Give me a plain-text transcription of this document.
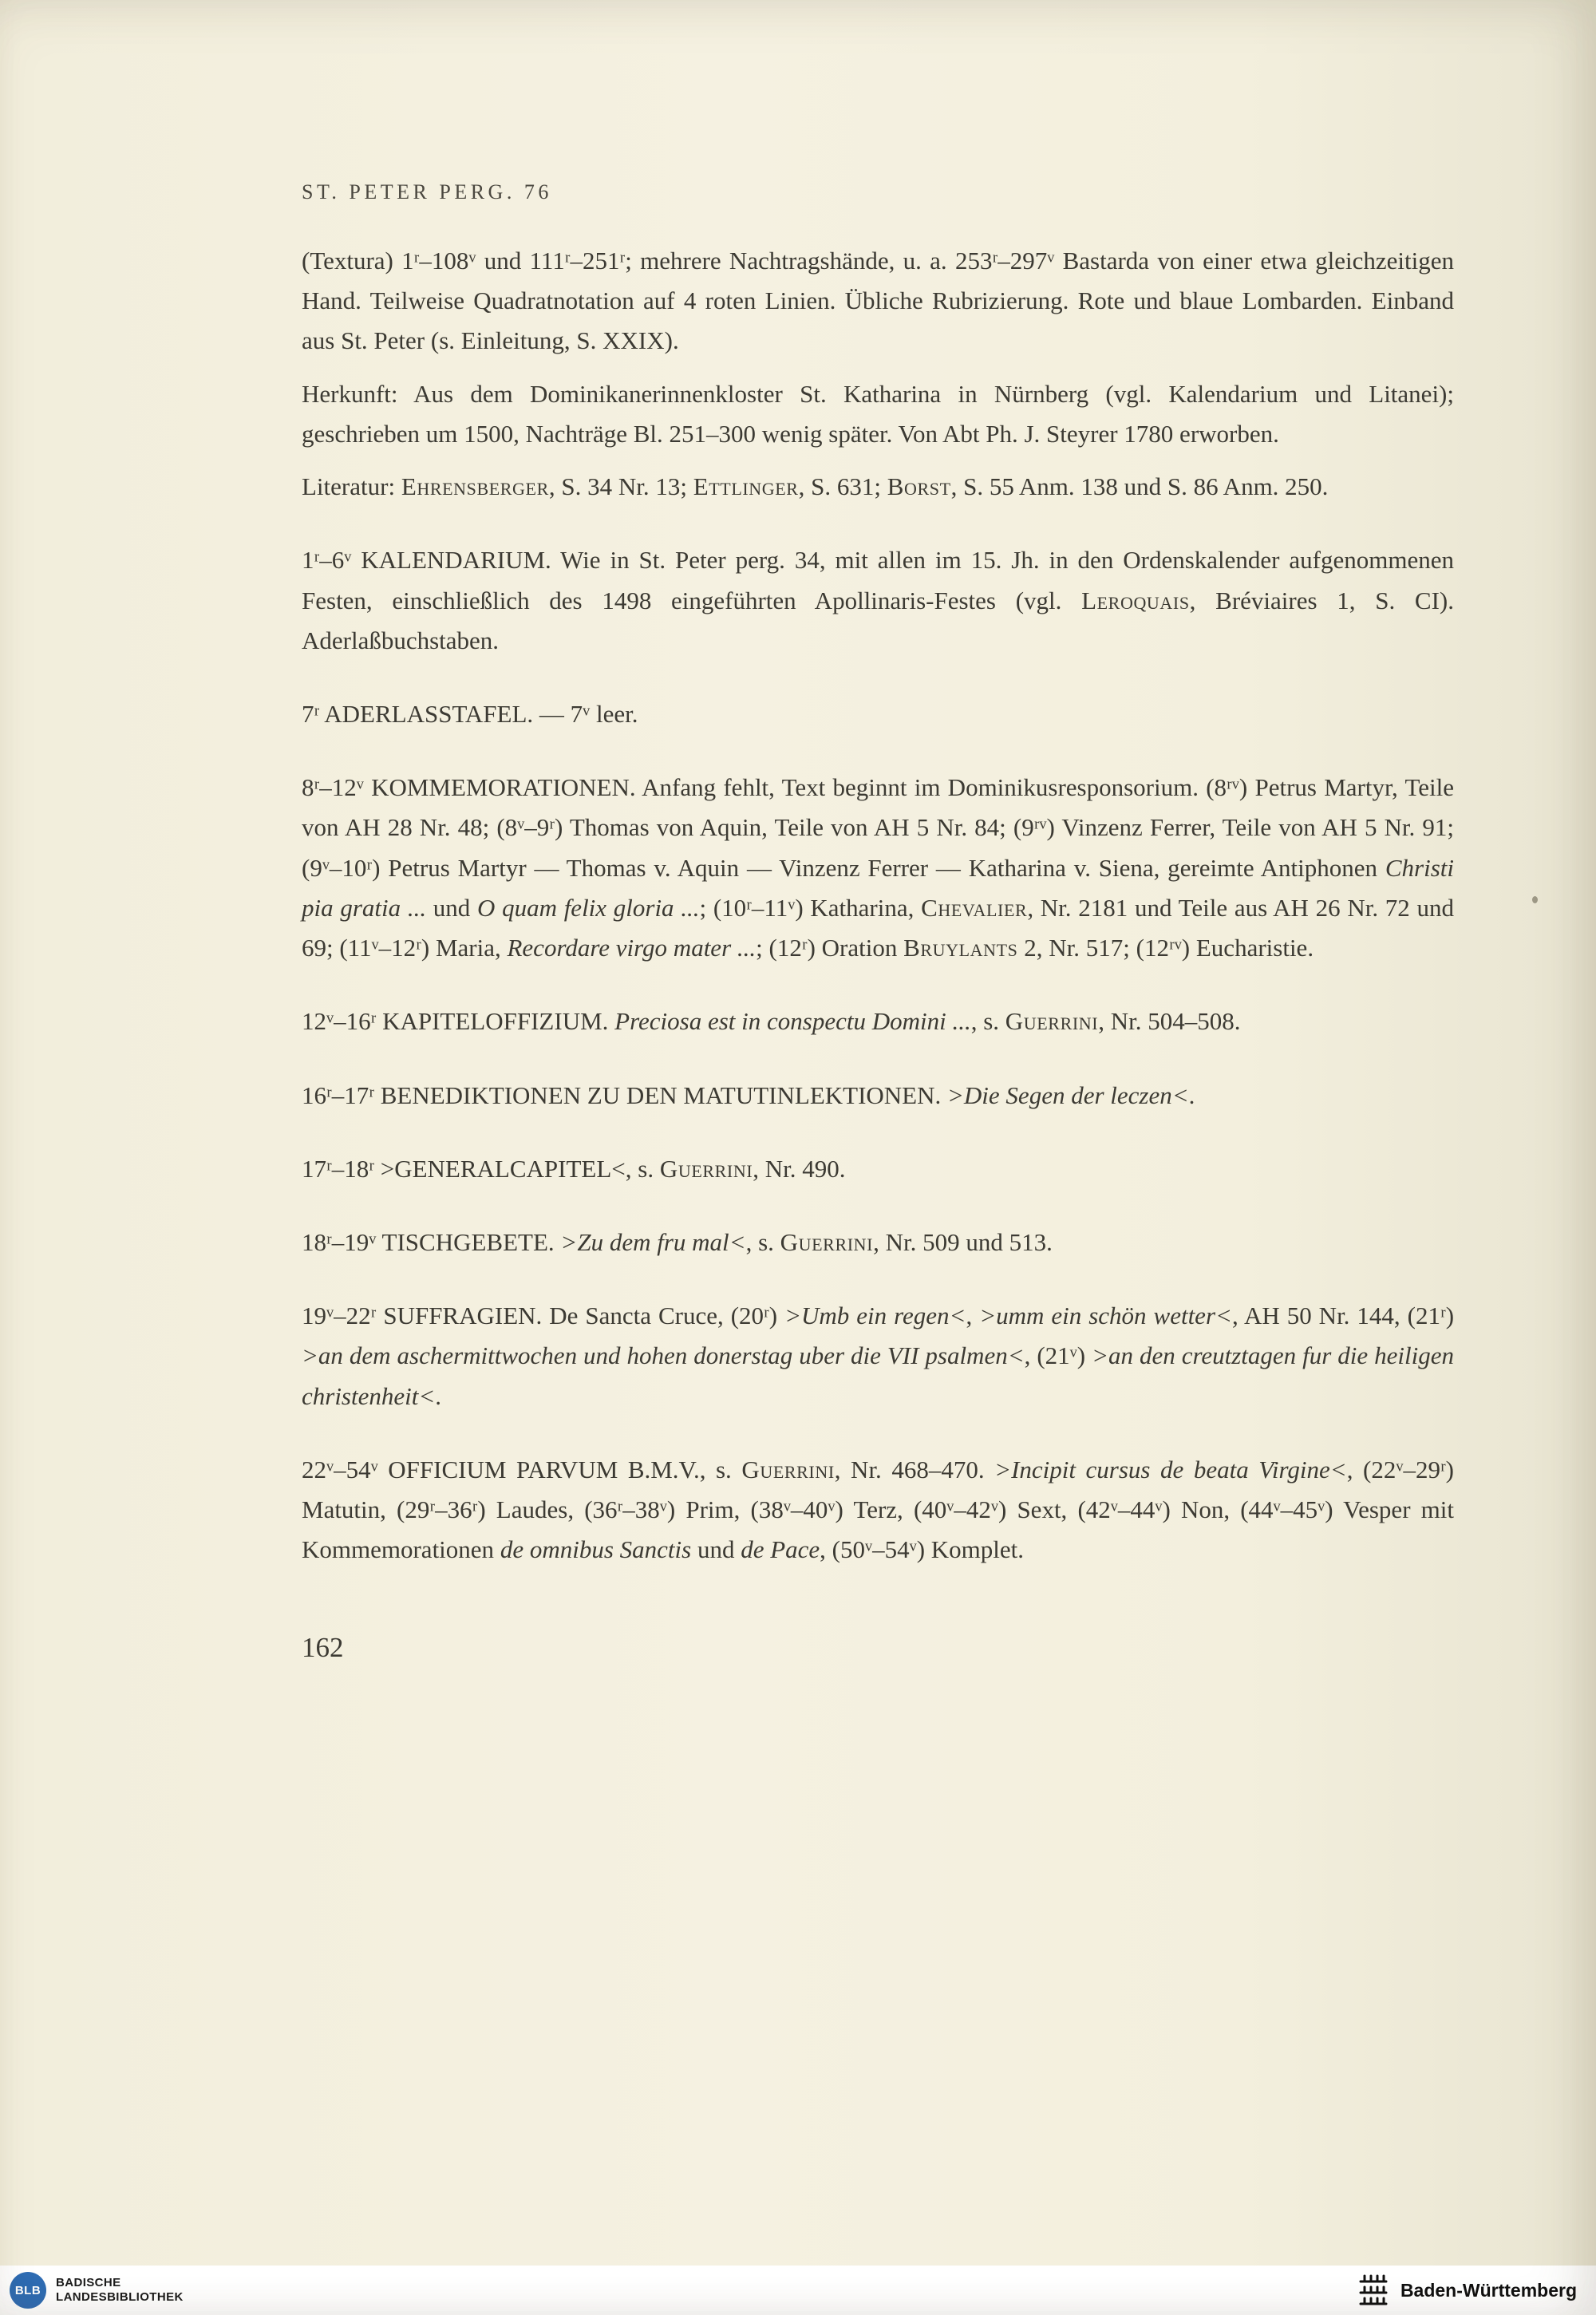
ST. PETER PERG. 76

(Textura) 1ʳ–108ᵛ und 111ʳ–251ʳ; mehrere Nachtragshände, u. a. 253ʳ–297ᵛ Bastarda von einer etwa gleichzeitigen Hand. Teilweise Quadratnotation auf 4 roten Linien. Übliche Rubrizierung. Rote und blaue Lombarden. Einband aus St. Peter (s. Einleitung, S. XXIX).

Herkunft: Aus dem Dominikanerinnenkloster St. Katharina in Nürnberg (vgl. Kalendarium und Litanei); geschrieben um 1500, Nachträge Bl. 251–300 wenig später. Von Abt Ph. J. Steyrer 1780 erworben.

Literatur: Ehrensberger, S. 34 Nr. 13; Ettlinger, S. 631; Borst, S. 55 Anm. 138 und S. 86 Anm. 250.

1ʳ–6ᵛ KALENDARIUM. Wie in St. Peter perg. 34, mit allen im 15. Jh. in den Ordenskalender aufgenommenen Festen, einschließlich des 1498 eingeführten Apollinaris-Festes (vgl. Leroquais, Bréviaires 1, S. CI). Aderlaßbuchstaben.

7ʳ ADERLASSTAFEL. — 7ᵛ leer.

8ʳ–12ᵛ KOMMEMORATIONEN. Anfang fehlt, Text beginnt im Dominikusresponsorium. (8ʳᵛ) Petrus Martyr, Teile von AH 28 Nr. 48; (8ᵛ–9ʳ) Thomas von Aquin, Teile von AH 5 Nr. 84; (9ʳᵛ) Vinzenz Ferrer, Teile von AH 5 Nr. 91; (9ᵛ–10ʳ) Petrus Martyr — Thomas v. Aquin — Vinzenz Ferrer — Katharina v. Siena, gereimte Antiphonen Christi pia gratia ... und O quam felix gloria ...; (10ʳ–11ᵛ) Katharina, Chevalier, Nr. 2181 und Teile aus AH 26 Nr. 72 und 69; (11ᵛ–12ʳ) Maria, Recordare virgo mater ...; (12ʳ) Oration Bruylants 2, Nr. 517; (12ʳᵛ) Eucharistie.

12ᵛ–16ʳ KAPITELOFFIZIUM. Preciosa est in conspectu Domini ..., s. Guerrini, Nr. 504–508.

16ʳ–17ʳ BENEDIKTIONEN ZU DEN MATUTINLEKTIONEN. >Die Segen der leczen<.

17ʳ–18ʳ >GENERALCAPITEL<, s. Guerrini, Nr. 490.

18ʳ–19ᵛ TISCHGEBETE. >Zu dem fru mal<, s. Guerrini, Nr. 509 und 513.

19ᵛ–22ʳ SUFFRAGIEN. De Sancta Cruce, (20ʳ) >Umb ein regen<, >umm ein schön wetter<, AH 50 Nr. 144, (21ʳ) >an dem aschermittwochen und hohen donerstag uber die VII psalmen<, (21ᵛ) >an den creutztagen fur die heiligen christenheit<.

22ᵛ–54ᵛ OFFICIUM PARVUM B.M.V., s. Guerrini, Nr. 468–470. >Incipit cursus de beata Virgine<, (22ᵛ–29ʳ) Matutin, (29ʳ–36ʳ) Laudes, (36ʳ–38ᵛ) Prim, (38ᵛ–40ᵛ) Terz, (40ᵛ–42ᵛ) Sext, (42ᵛ–44ᵛ) Non, (44ᵛ–45ᵛ) Vesper mit Kommemorationen de omnibus Sanctis und de Pace, (50ᵛ–54ᵛ) Komplet.

162
BLB
BADISCHE
LANDESBIBLIOTHEK	Baden-Württemberg
